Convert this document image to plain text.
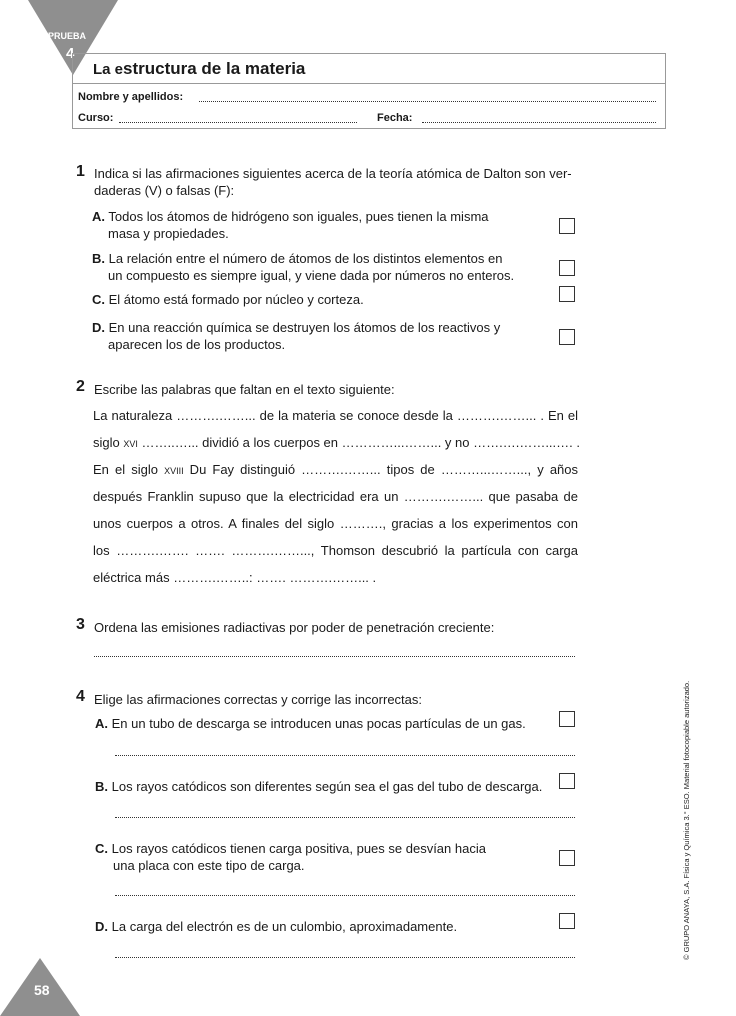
PRUEBA
4
58
La estructura de la materia
Nombre y apellidos:
Curso:	Fecha:
1 Indica si las afirmaciones siguientes acerca de la teoría atómica de Dalton son ver-
daderas (V) o falsas (F):
A. Todos los átomos de hidrógeno son iguales, pues tienen la misma
masa y propiedades.
B. La relación entre el número de átomos de los distintos elementos en
un compuesto es siempre igual, y viene dada por números no enteros.
C. El átomo está formado por núcleo y corteza.
D. En una reacción química se destruyen los átomos de los reactivos y
aparecen los de los productos.
2 Escribe las palabras que faltan en el texto siguiente:
La naturaleza ……….……... de la materia se conoce desde la ……….……... . En el
siglo XVI ……..…... dividió a los cuerpos en …………...……... y no …….….……...…. .
En el siglo XVIII Du Fay distinguió ……….……... tipos de ………...……..., y años
después Franklin supuso que la electricidad era un ……….……... que pasaba de
unos cuerpos a otros. A finales del siglo ………., gracias a los experimentos con
los ……….……. ……. ……….……..., Thomson descubrió la partícula con carga
eléctrica más ……….……..: ……. ……….……... .
3 Ordena las emisiones radiactivas por poder de penetración creciente:
4 Elige las afirmaciones correctas y corrige las incorrectas:
A. En un tubo de descarga se introducen unas pocas partículas de un gas.
B. Los rayos catódicos son diferentes según sea el gas del tubo de descarga.
C. Los rayos catódicos tienen carga positiva, pues se desvían hacia
una placa con este tipo de carga.
D. La carga del electrón es de un culombio, aproximadamente.	© GRUPO ANAYA, S.A. Física y Química 3.° ESO. Material fotocopiable autorizado.
